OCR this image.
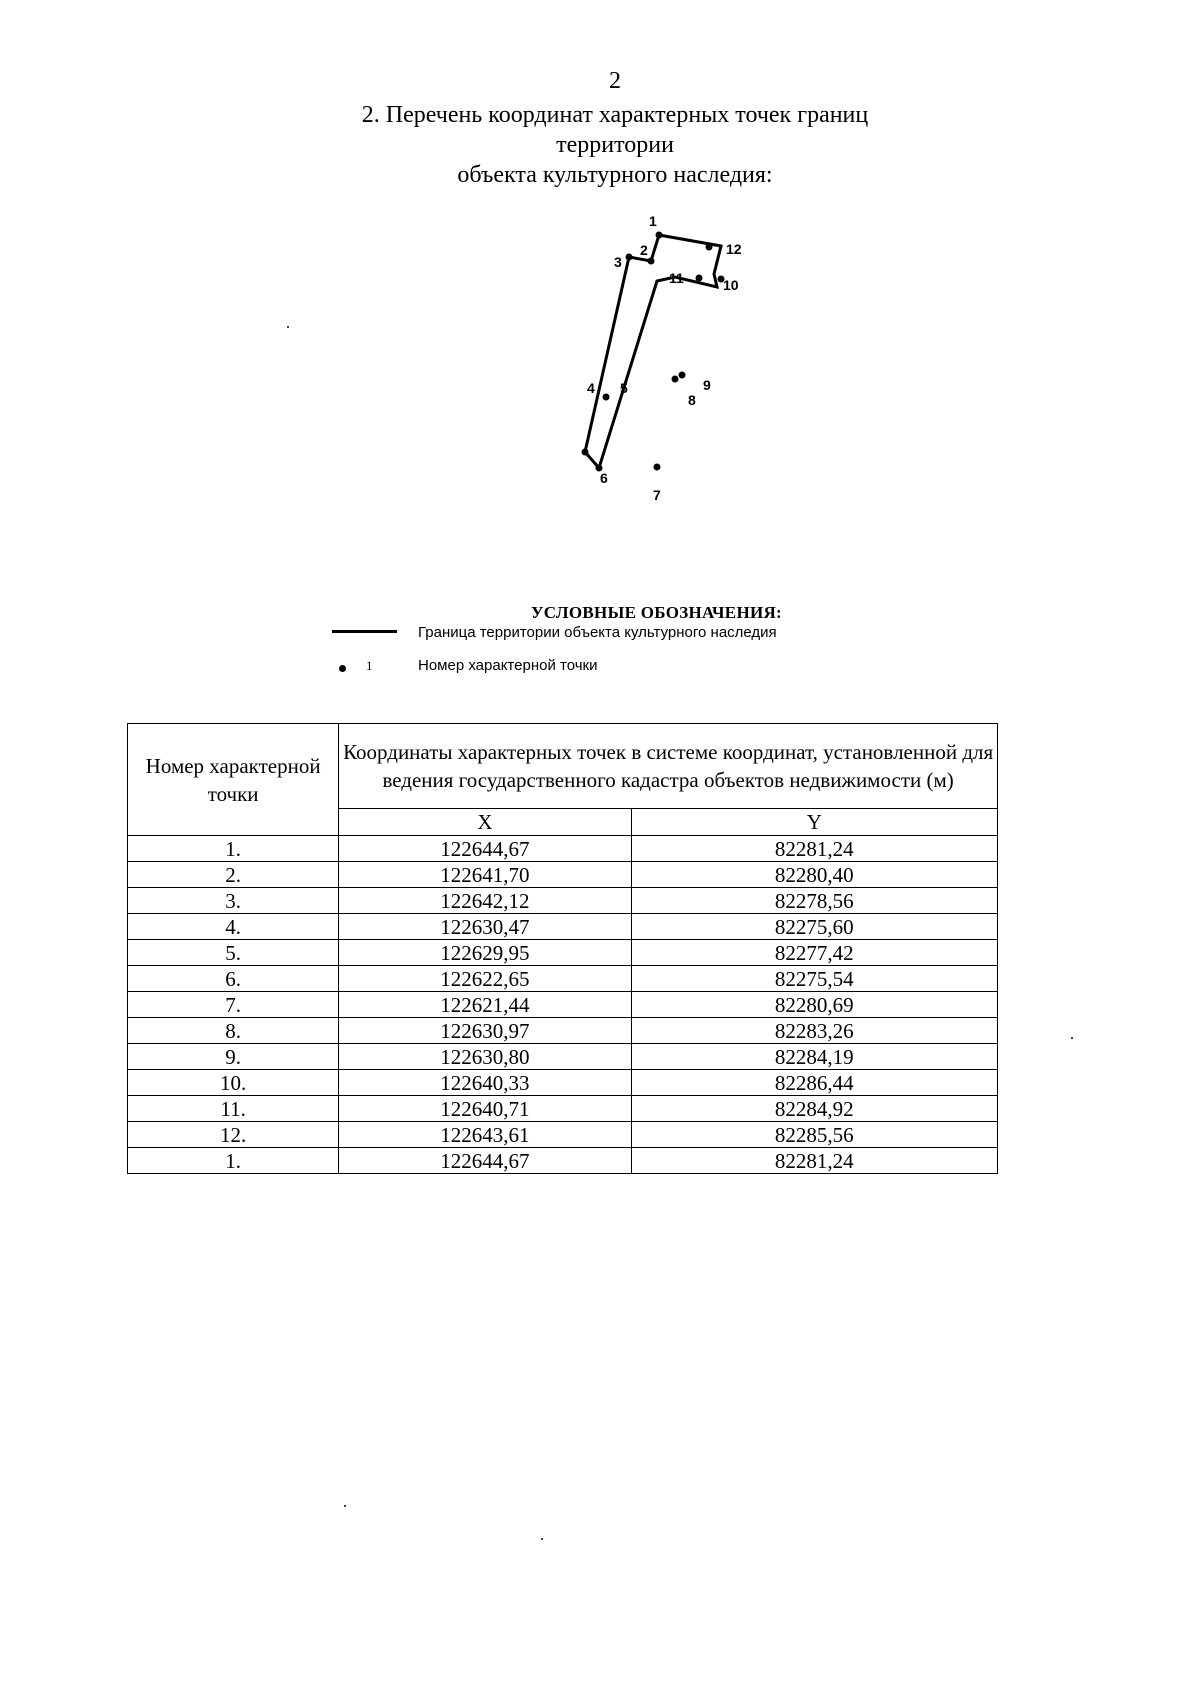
2
2. Перечень координат характерных точек границ территории
объекта культурного наследия:
1
2
3
4 5
6
7
8
9
10
11
12
УСЛОВНЫЕ ОБОЗНАЧЕНИЯ:
Граница территории объекта культурного наследия
1	Номер характерной точки
Номер характерной точки	Координаты характерных точек в системе координат, установленной для ведения государственного кадастра объектов недвижимости (м)	
	X	Y
1.	122644,67	82281,24
2.	122641,70	82280,40
3.	122642,12	82278,56
4.	122630,47	82275,60
5.	122629,95	82277,42
6.	122622,65	82275,54
7.	122621,44	82280,69
8.	122630,97	82283,26
9.	122630,80	82284,19
10.	122640,33	82286,44
11.	122640,71	82284,92
12.	122643,61	82285,56
1.	122644,67	82281,24
